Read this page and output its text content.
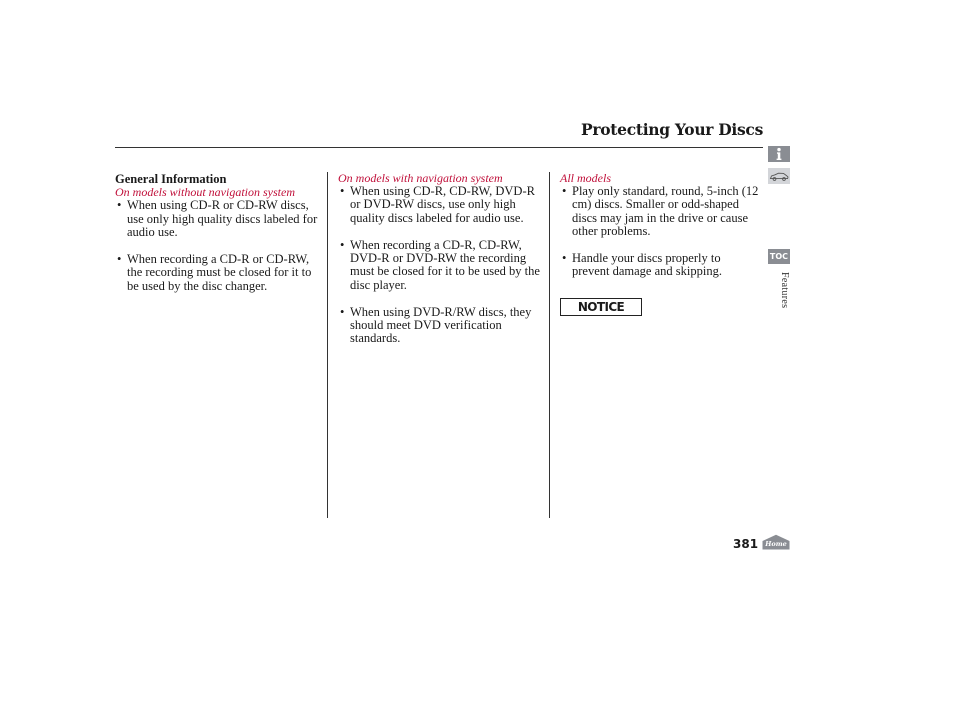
Protecting Your Discs
General Information
On models without navigation system
• When using CD-R or CD-RW discs, use only high quality discs labeled for audio use.
• When recording a CD-R or CD-RW, the recording must be closed for it to be used by the disc changer.
On models with navigation system
• When using CD-R, CD-RW, DVD-R or DVD-RW discs, use only high quality discs labeled for audio use.
• When recording a CD-R, CD-RW, DVD-R or DVD-RW the recording must be closed for it to be used by the disc player.
• When using DVD-R/RW discs, they should meet DVD verification standards.
All models
• Play only standard, round, 5-inch (12 cm) discs. Smaller or odd-shaped discs may jam in the drive or cause other problems.
• Handle your discs properly to prevent damage and skipping.
NOTICE
TOC
Features
381 Home
